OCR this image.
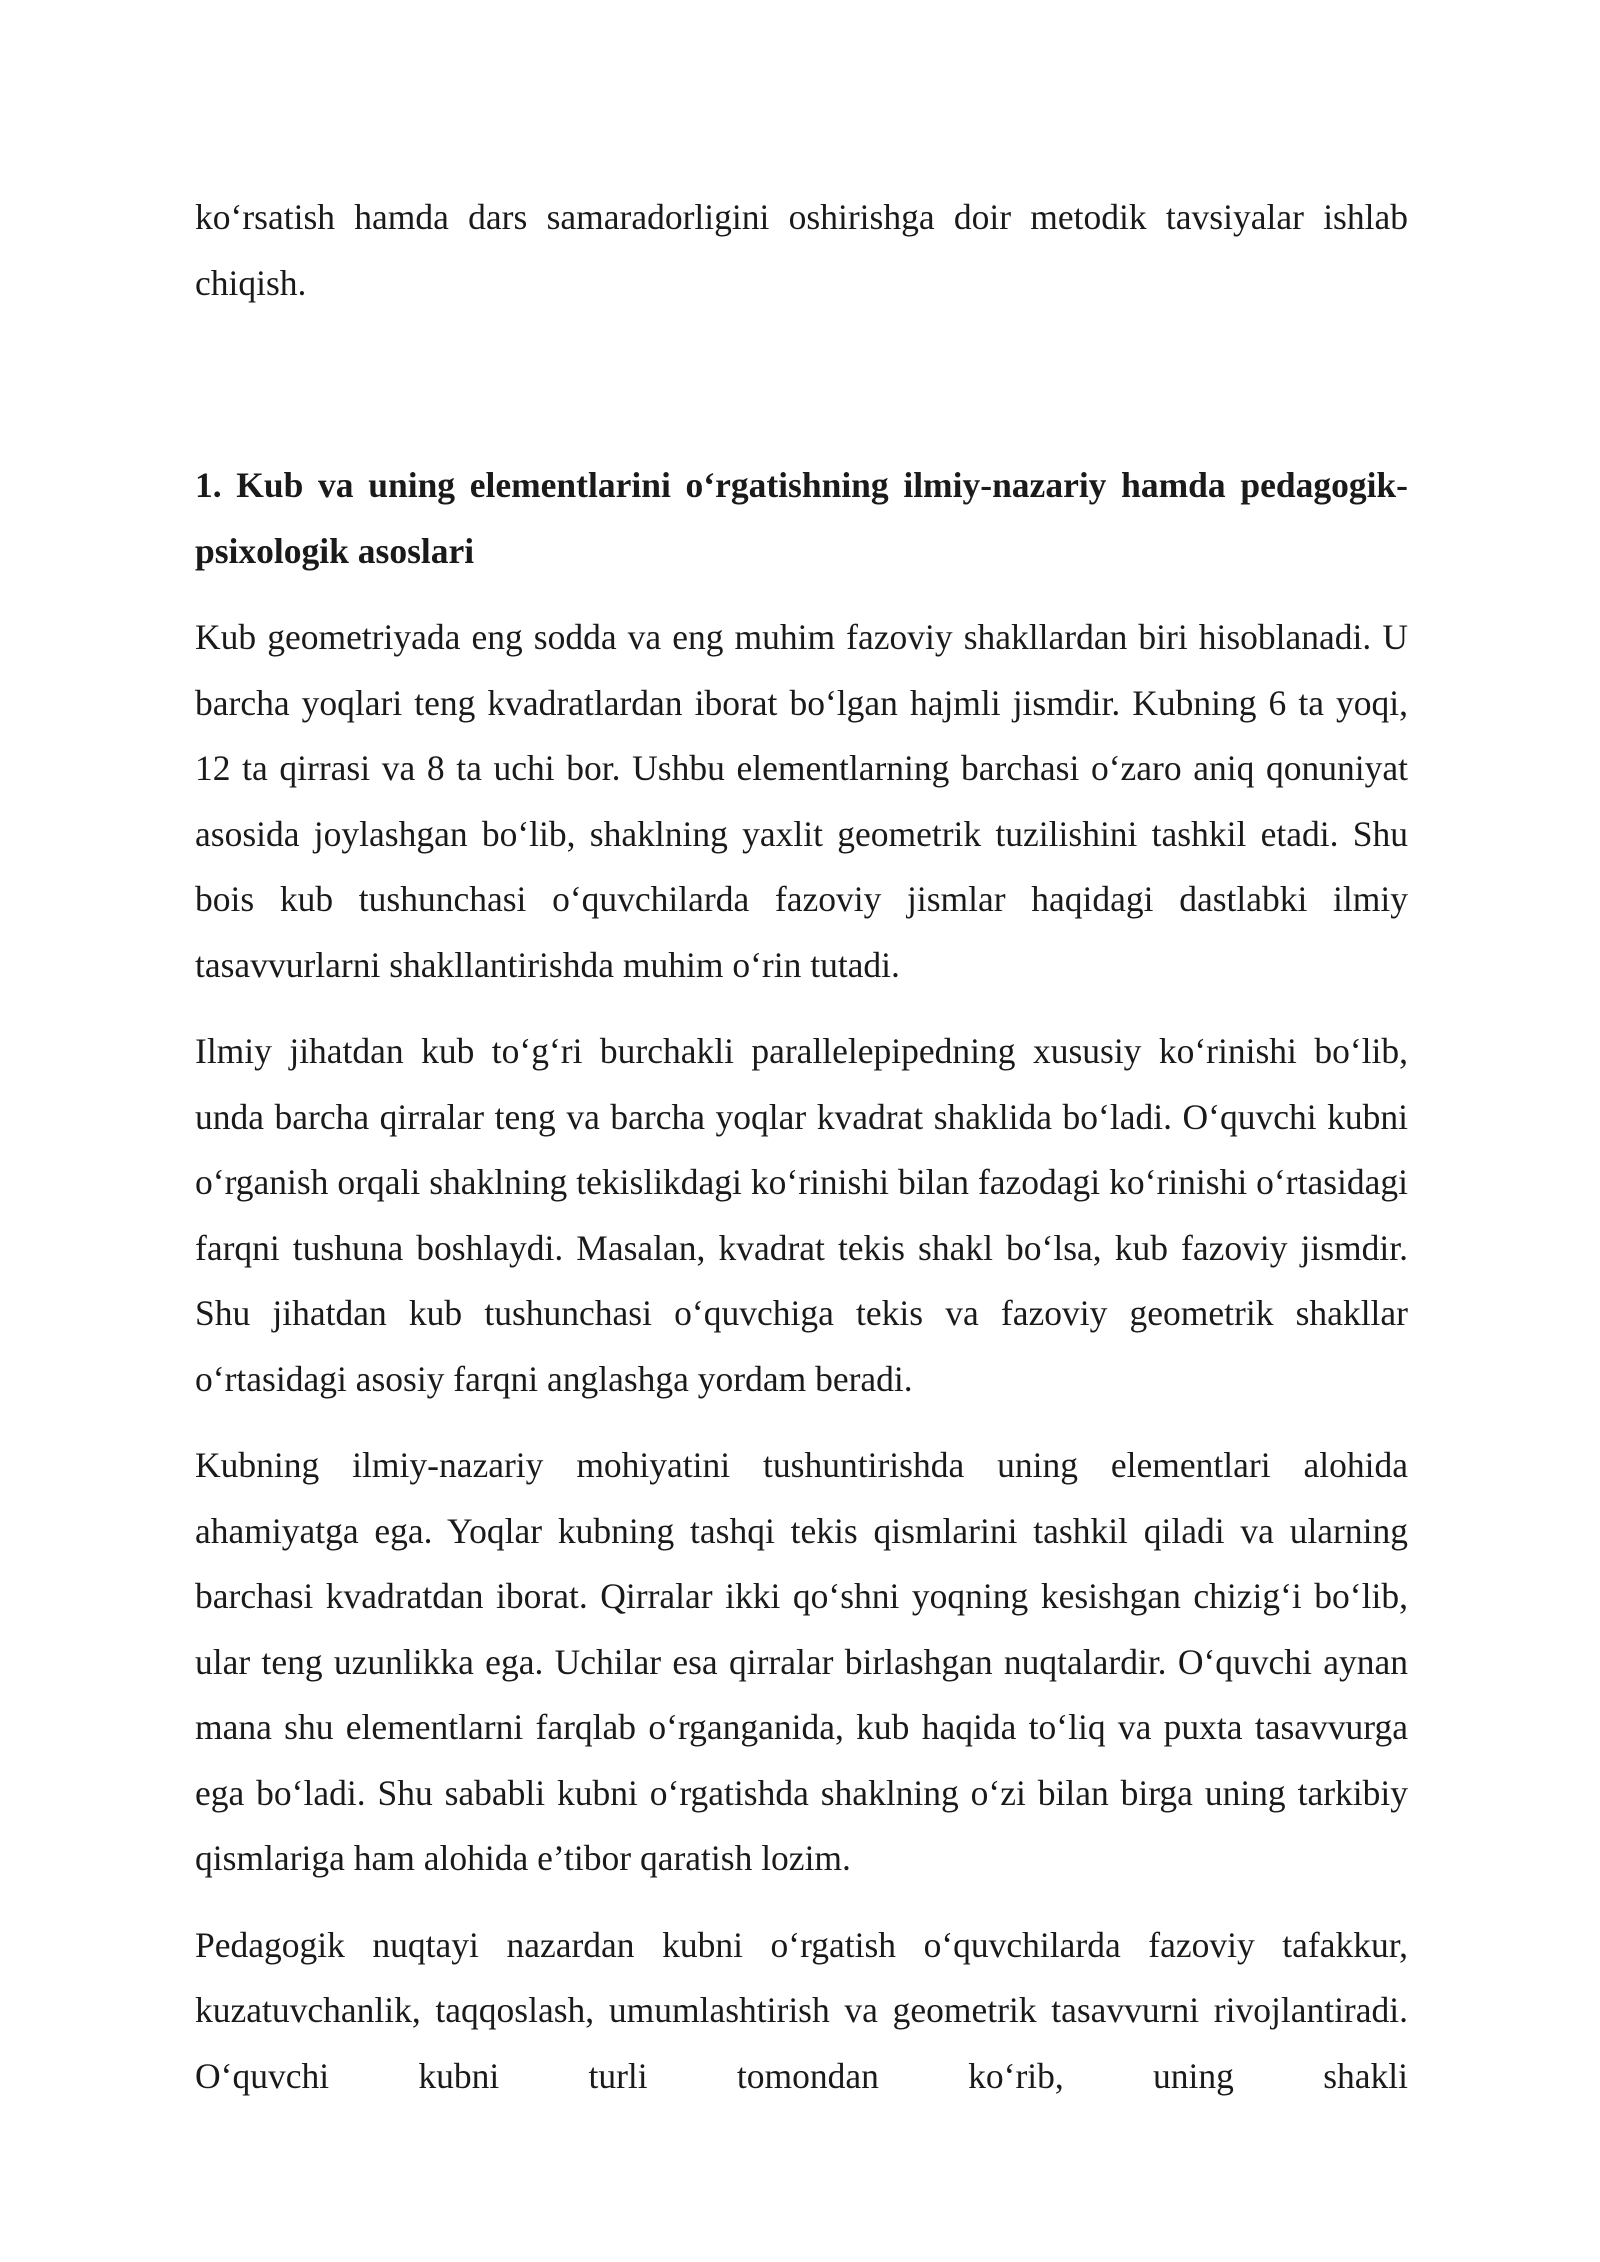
ko‘rsatish hamda dars samaradorligini oshirishga doir metodik tavsiyalar ishlab chiqish.

1. Kub va uning elementlarini o‘rgatishning ilmiy-nazariy hamda pedagogik-psixologik asoslari

Kub geometriyada eng sodda va eng muhim fazoviy shakllardan biri hisoblanadi. U barcha yoqlari teng kvadratlardan iborat bo‘lgan hajmli jismdir. Kubning 6 ta yoqi, 12 ta qirrasi va 8 ta uchi bor. Ushbu elementlarning barchasi o‘zaro aniq qonuniyat asosida joylashgan bo‘lib, shaklning yaxlit geometrik tuzilishini tashkil etadi. Shu bois kub tushunchasi o‘quvchilarda fazoviy jismlar haqidagi dastlabki ilmiy tasavvurlarni shakllantirishda muhim o‘rin tutadi.

Ilmiy jihatdan kub to‘g‘ri burchakli parallelepipedning xususiy ko‘rinishi bo‘lib, unda barcha qirralar teng va barcha yoqlar kvadrat shaklida bo‘ladi. O‘quvchi kubni o‘rganish orqali shaklning tekislikdagi ko‘rinishi bilan fazodagi ko‘rinishi o‘rtasidagi farqni tushuna boshlaydi. Masalan, kvadrat tekis shakl bo‘lsa, kub fazoviy jismdir. Shu jihatdan kub tushunchasi o‘quvchiga tekis va fazoviy geometrik shakllar o‘rtasidagi asosiy farqni anglashga yordam beradi.

Kubning ilmiy-nazariy mohiyatini tushuntirishda uning elementlari alohida ahamiyatga ega. Yoqlar kubning tashqi tekis qismlarini tashkil qiladi va ularning barchasi kvadratdan iborat. Qirralar ikki qo‘shni yoqning kesishgan chizig‘i bo‘lib, ular teng uzunlikka ega. Uchilar esa qirralar birlashgan nuqtalardir. O‘quvchi aynan mana shu elementlarni farqlab o‘rganganida, kub haqida to‘liq va puxta tasavvurga ega bo‘ladi. Shu sababli kubni o‘rgatishda shaklning o‘zi bilan birga uning tarkibiy qismlariga ham alohida e’tibor qaratish lozim.

Pedagogik nuqtayi nazardan kubni o‘rgatish o‘quvchilarda fazoviy tafakkur, kuzatuvchanlik, taqqoslash, umumlashtirish va geometrik tasavvurni rivojlantiradi. O‘quvchi kubni turli tomondan ko‘rib, uning shakli
